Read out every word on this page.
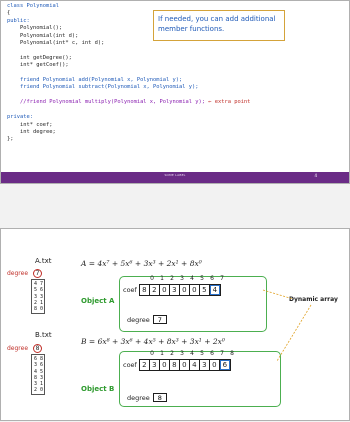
class Polynomial
{
public:
Polynomial();
Polynomial(int d);
Polynomial(int* c, int d);

int getDegree();
int* getCoef();

friend Polynomial add(Polynomial x, Polynomial y);
friend Polynomial subtract(Polynomial x, Polynomial y);

//friend Polynomial multiply(Polynomial x, Polynomial y); ← extra point

private:
int* coef;
int degree;
};
If needed, you can add additional member functions.
SOME LABEL	4
A.txt
degree	7
4 7
5 6
3 3
2 1
8 0
A = 4x⁷ + 5x⁶ + 3x³ + 2x¹ + 8x⁰
Object A
0 1 2 3 4 5 6 7
coef 8 2 0 3 0 0 5 4
degree	7
B.txt
degree	8
6 8
3 6
4 5
8 3
3 1
2 0
B = 6x⁸ + 3x⁶ + 4x⁵ + 8x³ + 3x¹ + 2x⁰
Object B
0 1 2 3 4 5 6 7 8
coef 2 3 0 8 0 4 3 0 6
degree	8
Dynamic array
